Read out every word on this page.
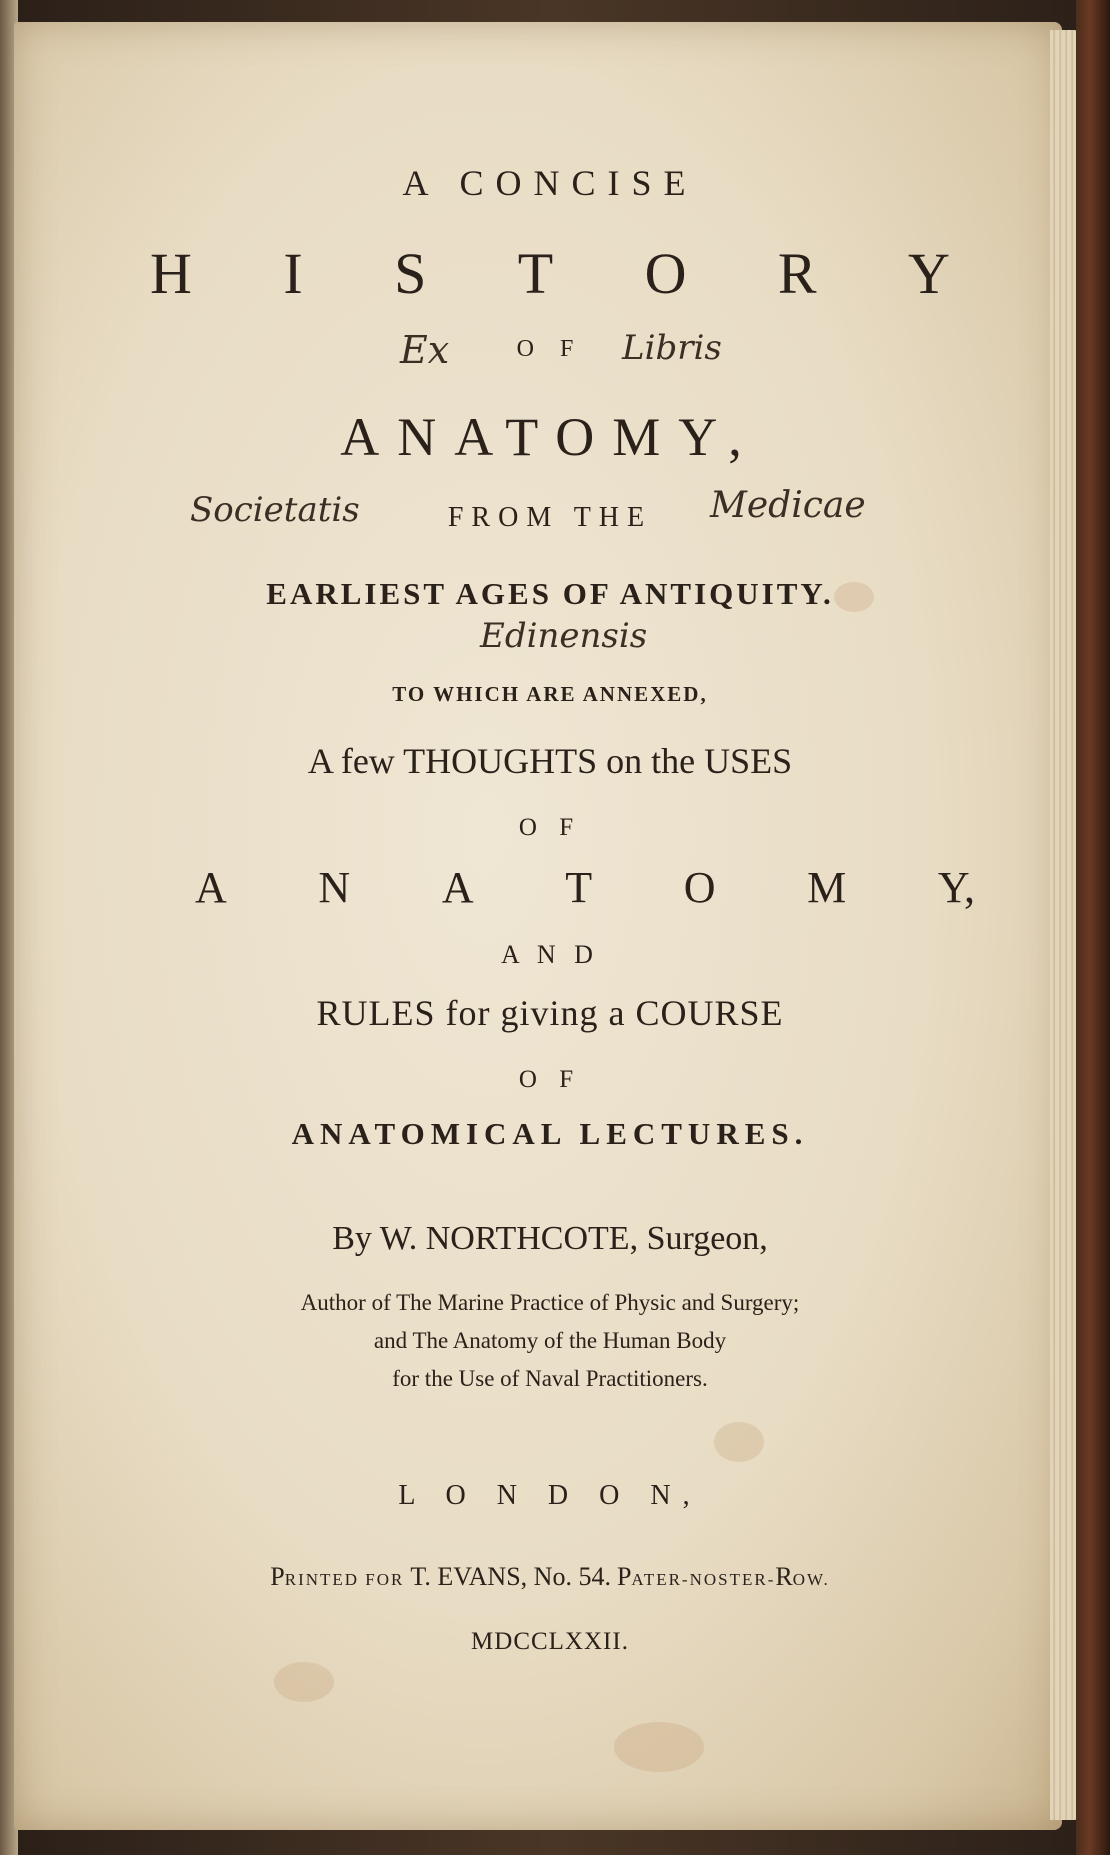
A CONCISE
H I S T O R Y
O F
ANATOMY,
FROM THE
EARLIEST AGES OF ANTIQUITY.
TO WHICH ARE ANNEXED,
A few THOUGHTS on the USES
O F
A N A T O M Y,
A N D
RULES for giving a COURSE
O F
ANATOMICAL LECTURES.
By W. NORTHCOTE, Surgeon,
Author of The Marine Practice of Physic and Surgery;
and The Anatomy of the Human Body
for the Use of Naval Practitioners.
L O N D O N,
PRINTED FOR T. EVANS, No. 54. PATER-NOSTER-ROW.
MDCCLXXII.
Ex	Libris
Societatis	Medicae
Edinensis
